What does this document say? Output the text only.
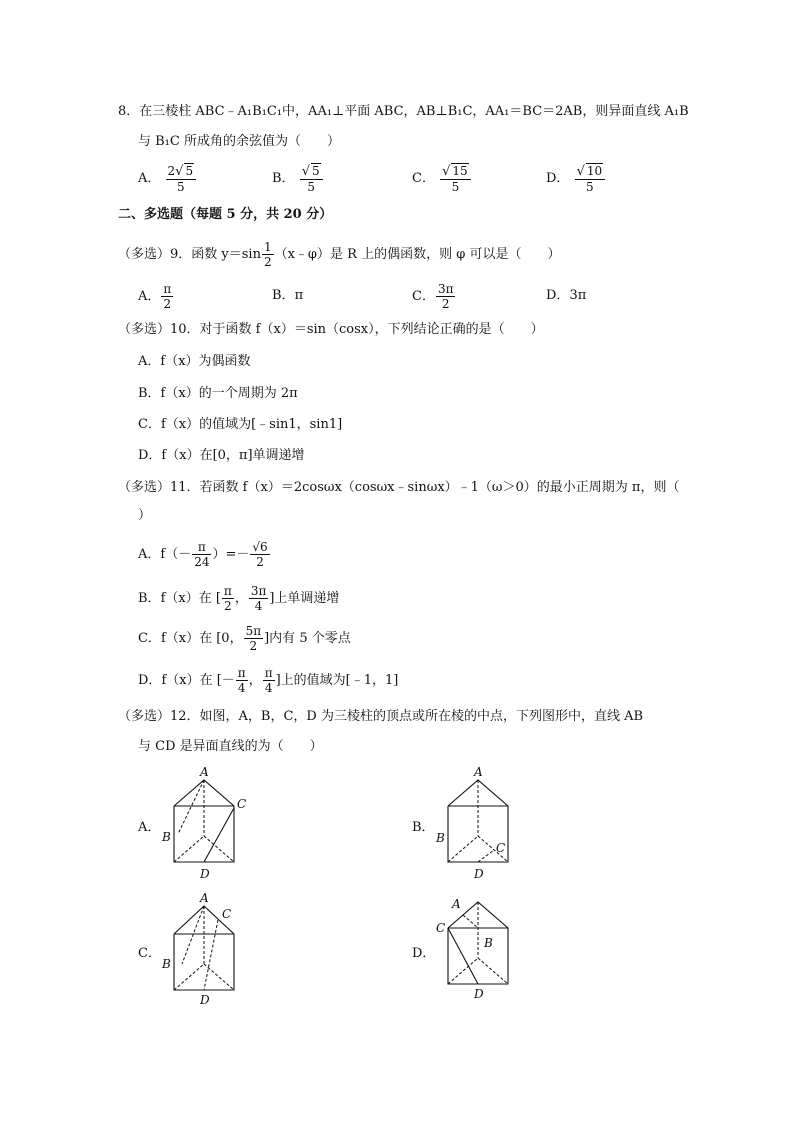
8．在三棱柱 ABC﹣A₁B₁C₁中，AA₁⊥平面 ABC，AB⊥B₁C，AA₁＝BC＝2AB，则异面直线 A₁B
与 B₁C 所成角的余弦值为（　　）
A． $\frac{2√ 5}{5}$	B． $\frac{√ 5}{5}$	C． $\frac{√ 15}{5}$	D． $\frac{√ 10}{5}$
二、多选题（每题 5 分，共 20 分）
（多选）9．函数 $y=\sin \frac{1}{2}$ （x﹣φ）是 R 上的偶函数，则 φ 可以是（　　）
A． $\frac{\pi}{2}$	B．π	C． $\frac{3\pi}{2}$	D．3π
（多选）10．对于函数 f（x）＝sin（cosx），下列结论正确的是（　　）
A．f（x）为偶函数
B．f（x）的一个周期为 2π
C．f（x）的值域为[﹣sin1，sin1]
D．f（x）在[0，π]单调递增
（多选）11．若函数 f（x）＝2cosωx（cosωx﹣sinωx）﹣1（ω＞0）的最小正周期为 π，则（
）
A．$f(- \frac{\pi}{24}$ ）=－ $\frac{√6}{2}$
B．f（x）在 [ $\frac{\pi}{2}$ ， $\frac{3\pi}{4}$ ]上单调递增
C．f（x）在 [0， $\frac{5\pi}{2}$ ]内有 5 个零点
D．f（x）在 [－ $\frac{\pi}{4}$ ， $\frac{\pi}{4}$ ]上的值域为[﹣1，1]
（多选）12．如图，A，B，C，D 为三棱柱的顶点或所在棱的中点，下列图形中，直线 AB
与 CD 是异面直线的为（　　）
A．
A
B
C
D
B．
A
B
C
D
C．
A
B
C
D
D．
A
B
C
D
